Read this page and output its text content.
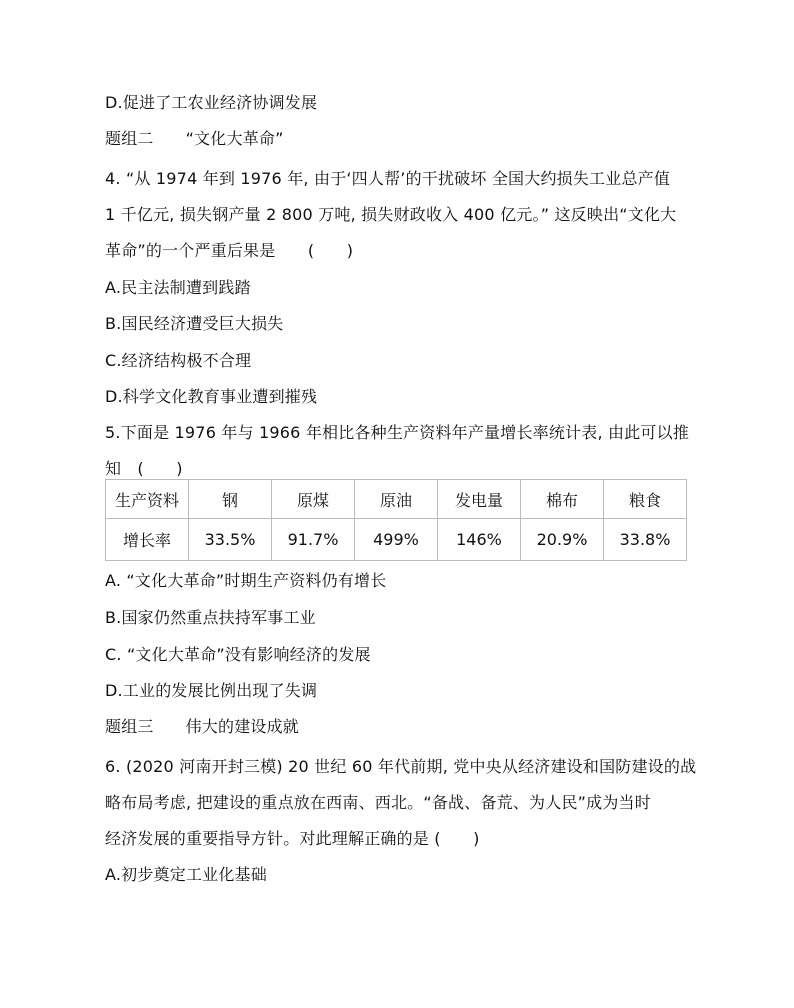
D.促进了工农业经济协调发展
题组二 “文化大革命”
4. “从 1974 年到 1976 年, 由于‘四人帮’的干扰破坏 全国大约损失工业总产值
1 千亿元, 损失钢产量 2 800 万吨, 损失财政收入 400 亿元。” 这反映出“文化大
革命”的一个严重后果是　　(　　)
A.民主法制遭到践踏
B.国民经济遭受巨大损失
C.经济结构极不合理
D.科学文化教育事业遭到摧残
5.下面是 1976 年与 1966 年相比各种生产资料年产量增长率统计表, 由此可以推
知　(　　)
生产资料	钢	原煤	原油	发电量	棉布	粮食
增长率	33.5%	91.7%	499%	146%	20.9%	33.8%
A. “文化大革命”时期生产资料仍有增长
B.国家仍然重点扶持军事工业
C. “文化大革命”没有影响经济的发展
D.工业的发展比例出现了失调
题组三 伟大的建设成就
6. (2020 河南开封三模) 20 世纪 60 年代前期, 党中央从经济建设和国防建设的战
略布局考虑, 把建设的重点放在西南、西北。“备战、备荒、为人民”成为当时
经济发展的重要指导方针。对此理解正确的是 (　　)
A.初步奠定工业化基础
